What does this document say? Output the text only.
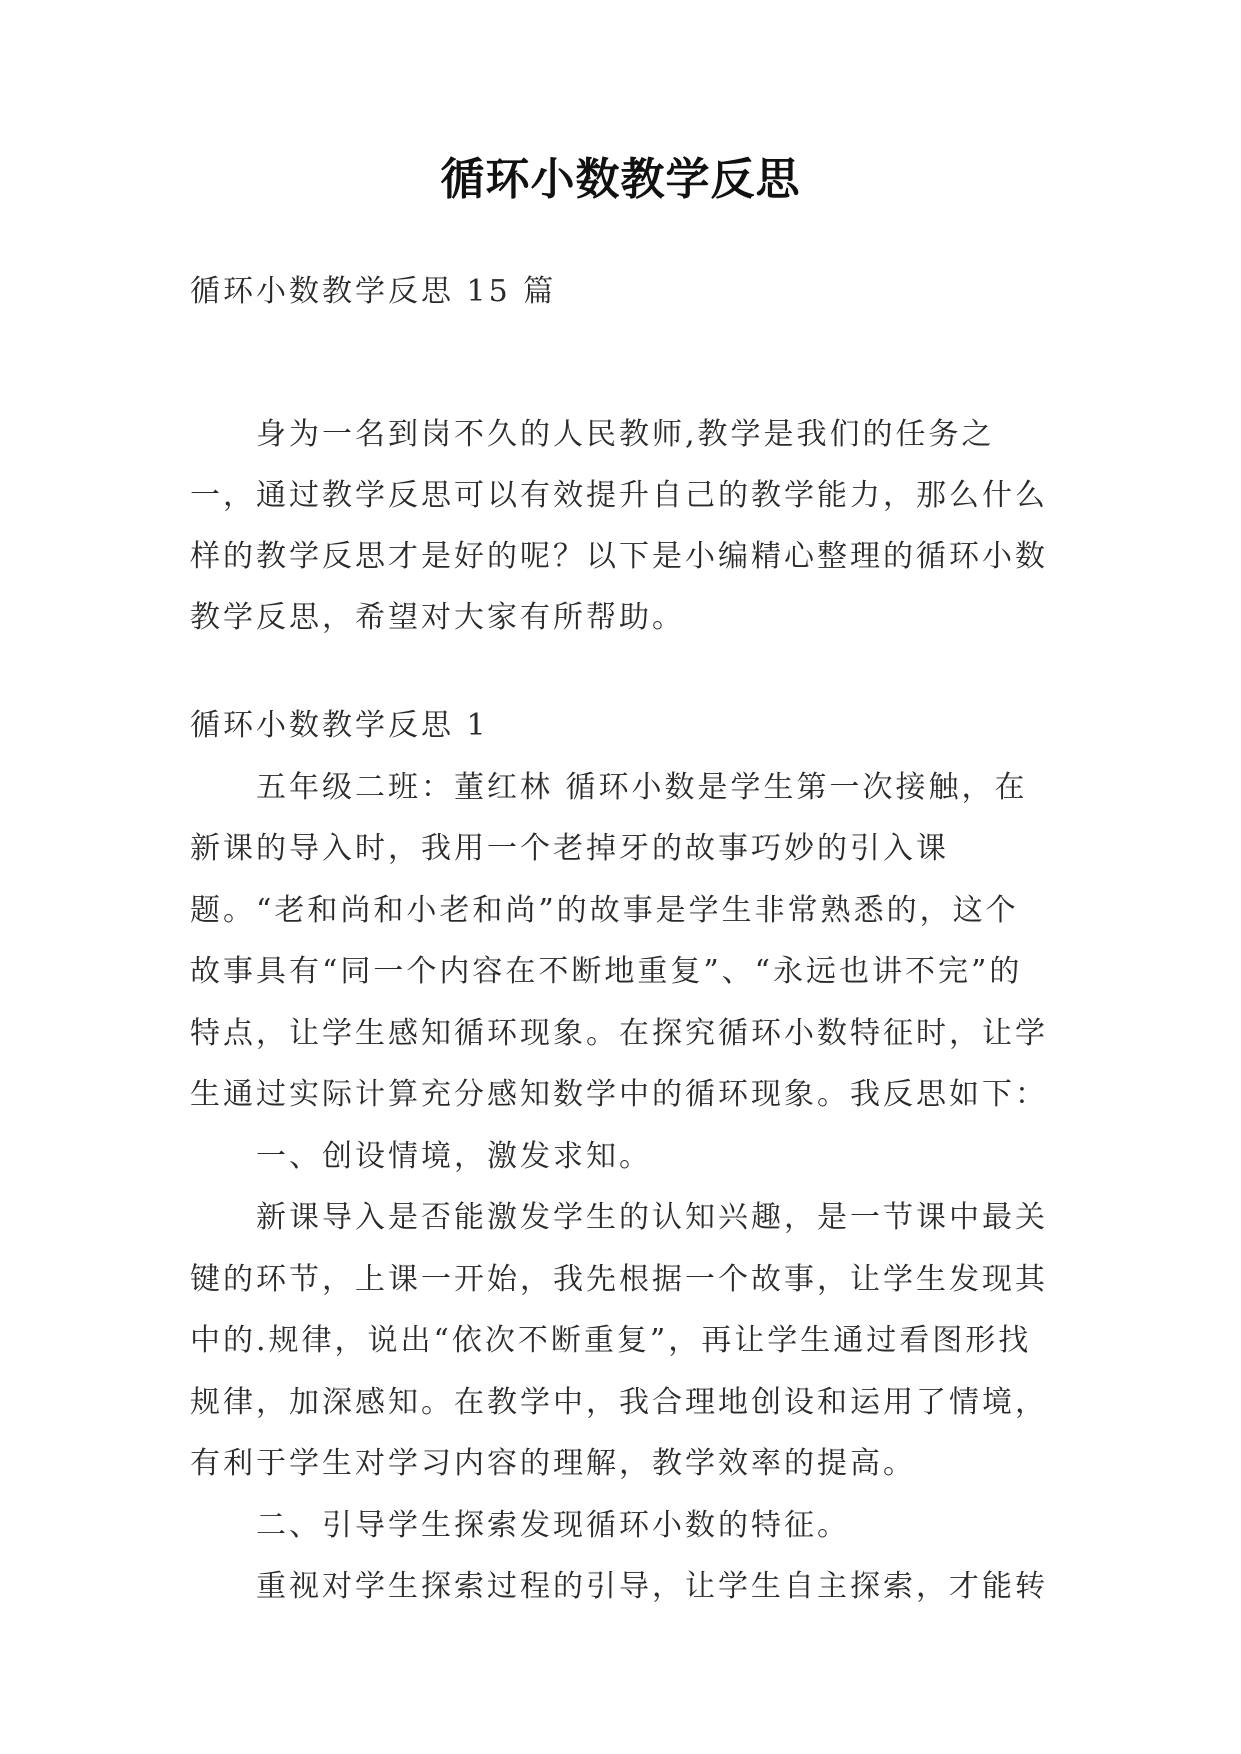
循环小数教学反思

循环小数教学反思 15 篇

身为一名到岗不久的人民教师,教学是我们的任务之一，通过教学反思可以有效提升自己的教学能力，那么什么样的教学反思才是好的呢？以下是小编精心整理的循环小数教学反思，希望对大家有所帮助。

循环小数教学反思 1

五年级二班：董红林 循环小数是学生第一次接触，在新课的导入时，我用一个老掉牙的故事巧妙的引入课题。“老和尚和小老和尚”的故事是学生非常熟悉的，这个故事具有“同一个内容在不断地重复”、“永远也讲不完”的特点，让学生感知循环现象。在探究循环小数特征时，让学生通过实际计算充分感知数学中的循环现象。我反思如下：

一、创设情境，激发求知。

新课导入是否能激发学生的认知兴趣，是一节课中最关键的环节，上课一开始，我先根据一个故事，让学生发现其中的.规律，说出“依次不断重复”，再让学生通过看图形找规律，加深感知。在教学中，我合理地创设和运用了情境，有利于学生对学习内容的理解，教学效率的提高。

二、引导学生探索发现循环小数的特征。

重视对学生探索过程的引导，让学生自主探索，才能转
